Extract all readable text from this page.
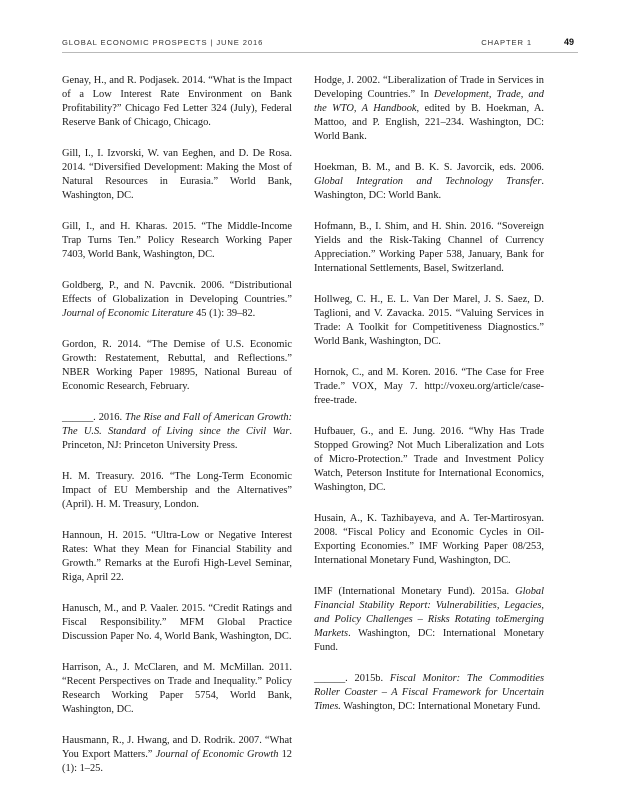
GLOBAL ECONOMIC PROSPECTS | JUNE 2016	CHAPTER 1	49

Genay, H., and R. Podjasek. 2014. “What is the Impact of a Low Interest Rate Environment on Bank Profitability?” Chicago Fed Letter 324 (July), Federal Reserve Bank of Chicago, Chicago.

Gill, I., I. Izvorski, W. van Eeghen, and D. De Rosa. 2014. “Diversified Development: Making the Most of Natural Resources in Eurasia.” World Bank, Washington, DC.

Gill, I., and H. Kharas. 2015. “The Middle-Income Trap Turns Ten.” Policy Research Working Paper 7403, World Bank, Washington, DC.

Goldberg, P., and N. Pavcnik. 2006. “Distributional Effects of Globalization in Developing Countries.” Journal of Economic Literature 45 (1): 39–82.

Gordon, R. 2014. “The Demise of U.S. Economic Growth: Restatement, Rebuttal, and Reflections.” NBER Working Paper 19895, National Bureau of Economic Research, February.

______. 2016. The Rise and Fall of American Growth: The U.S. Standard of Living since the Civil War. Princeton, NJ: Princeton University Press.

H. M. Treasury. 2016. “The Long-Term Economic Impact of EU Membership and the Alternatives” (April). H. M. Treasury, London.

Hannoun, H. 2015. “Ultra-Low or Negative Interest Rates: What they Mean for Financial Stability and Growth.” Remarks at the Eurofi High-Level Seminar, Riga, April 22.

Hanusch, M., and P. Vaaler. 2015. “Credit Ratings and Fiscal Responsibility.” MFM Global Practice Discussion Paper No. 4, World Bank, Washington, DC.

Harrison, A., J. McClaren, and M. McMillan. 2011. “Recent Perspectives on Trade and Inequality.” Policy Research Working Paper 5754, World Bank, Washington, DC.

Hausmann, R., J. Hwang, and D. Rodrik. 2007. “What You Export Matters.” Journal of Economic Growth 12 (1): 1–25.

Hodge, J. 2002. “Liberalization of Trade in Services in Developing Countries.” In Development, Trade, and the WTO, A Handbook, edited by B. Hoekman, A. Mattoo, and P. English, 221–234. Washington, DC: World Bank.

Hoekman, B. M., and B. K. S. Javorcik, eds. 2006. Global Integration and Technology Transfer. Washington, DC: World Bank.

Hofmann, B., I. Shim, and H. Shin. 2016. “Sovereign Yields and the Risk-Taking Channel of Currency Appreciation.” Working Paper 538, January, Bank for International Settlements, Basel, Switzerland.

Hollweg, C. H., E. L. Van Der Marel, J. S. Saez, D. Taglioni, and V. Zavacka. 2015. “Valuing Services in Trade: A Toolkit for Competitiveness Diagnostics.” World Bank, Washington, DC.

Hornok, C., and M. Koren. 2016. “The Case for Free Trade.” VOX, May 7. http://voxeu.org/article/case-free-trade.

Hufbauer, G., and E. Jung. 2016. “Why Has Trade Stopped Growing? Not Much Liberalization and Lots of Micro-Protection.” Trade and Investment Policy Watch, Peterson Institute for International Economics, Washington, DC.

Husain, A., K. Tazhibayeva, and A. Ter-Martirosyan. 2008. “Fiscal Policy and Economic Cycles in Oil-Exporting Economies.” IMF Working Paper 08/253, International Monetary Fund, Washington, DC.

IMF (International Monetary Fund). 2015a. Global Financial Stability Report: Vulnerabilities, Legacies, and Policy Challenges – Risks Rotating toEmerging Markets. Washington, DC: International Monetary Fund.

______. 2015b. Fiscal Monitor: The Commodities Roller Coaster – A Fiscal Framework for Uncertain Times. Washington, DC: International Monetary Fund.
